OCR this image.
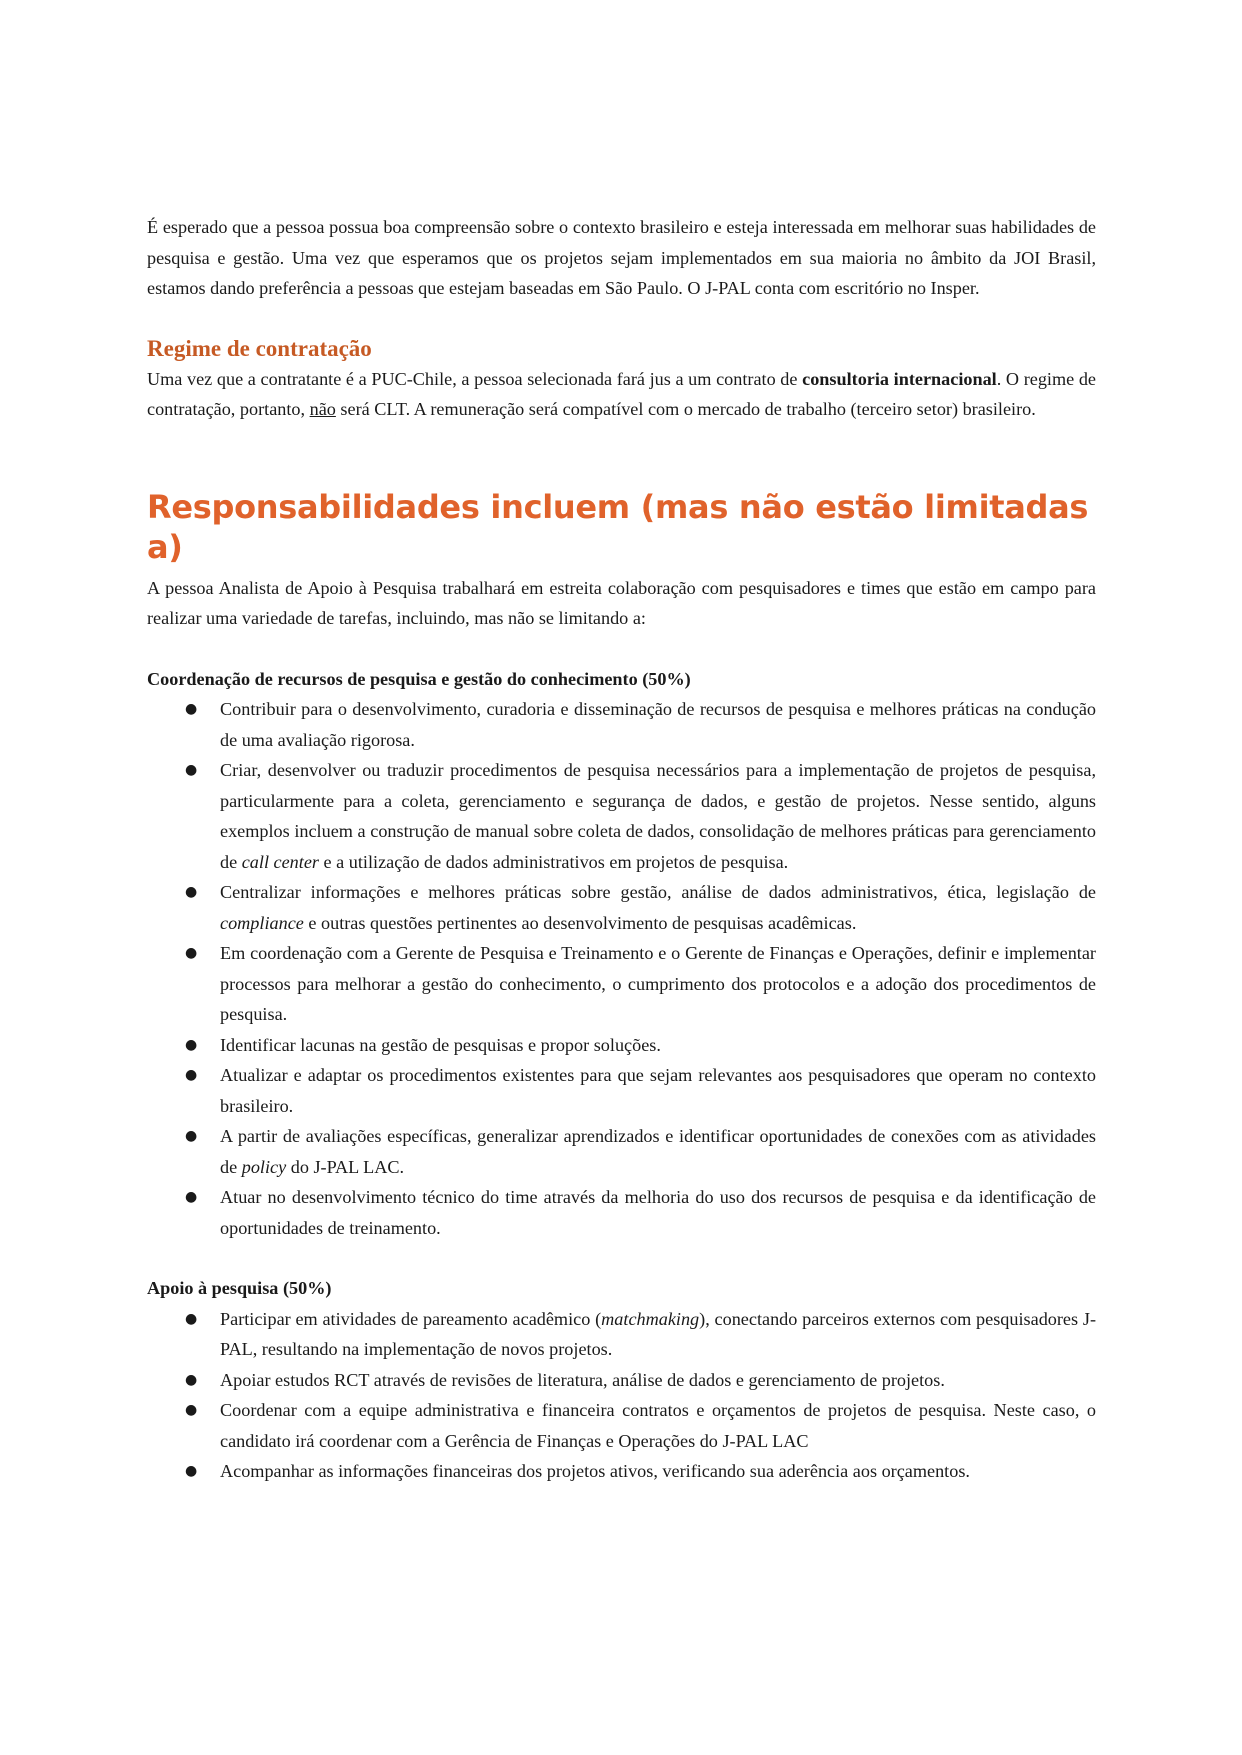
É esperado que a pessoa possua boa compreensão sobre o contexto brasileiro e esteja interessada em melhorar suas habilidades de pesquisa e gestão. Uma vez que esperamos que os projetos sejam implementados em sua maioria no âmbito da JOI Brasil, estamos dando preferência a pessoas que estejam baseadas em São Paulo. O J-PAL conta com escritório no Insper.

Regime de contratação

Uma vez que a contratante é a PUC-Chile, a pessoa selecionada fará jus a um contrato de consultoria internacional. O regime de contratação, portanto, não será CLT. A remuneração será compatível com o mercado de trabalho (terceiro setor) brasileiro.

Responsabilidades incluem (mas não estão limitadas a)

A pessoa Analista de Apoio à Pesquisa trabalhará em estreita colaboração com pesquisadores e times que estão em campo para realizar uma variedade de tarefas, incluindo, mas não se limitando a:

Coordenação de recursos de pesquisa e gestão do conhecimento (50%)
● Contribuir para o desenvolvimento, curadoria e disseminação de recursos de pesquisa e melhores práticas na condução de uma avaliação rigorosa.
● Criar, desenvolver ou traduzir procedimentos de pesquisa necessários para a implementação de projetos de pesquisa, particularmente para a coleta, gerenciamento e segurança de dados, e gestão de projetos. Nesse sentido, alguns exemplos incluem a construção de manual sobre coleta de dados, consolidação de melhores práticas para gerenciamento de call center e a utilização de dados administrativos em projetos de pesquisa.
● Centralizar informações e melhores práticas sobre gestão, análise de dados administrativos, ética, legislação de compliance e outras questões pertinentes ao desenvolvimento de pesquisas acadêmicas.
● Em coordenação com a Gerente de Pesquisa e Treinamento e o Gerente de Finanças e Operações, definir e implementar processos para melhorar a gestão do conhecimento, o cumprimento dos protocolos e a adoção dos procedimentos de pesquisa.
● Identificar lacunas na gestão de pesquisas e propor soluções.
● Atualizar e adaptar os procedimentos existentes para que sejam relevantes aos pesquisadores que operam no contexto brasileiro.
● A partir de avaliações específicas, generalizar aprendizados e identificar oportunidades de conexões com as atividades de policy do J-PAL LAC.
● Atuar no desenvolvimento técnico do time através da melhoria do uso dos recursos de pesquisa e da identificação de oportunidades de treinamento.
Apoio à pesquisa (50%)
● Participar em atividades de pareamento acadêmico (matchmaking), conectando parceiros externos com pesquisadores J-PAL, resultando na implementação de novos projetos.
● Apoiar estudos RCT através de revisões de literatura, análise de dados e gerenciamento de projetos.
● Coordenar com a equipe administrativa e financeira contratos e orçamentos de projetos de pesquisa. Neste caso, o candidato irá coordenar com a Gerência de Finanças e Operações do J-PAL LAC
● Acompanhar as informações financeiras dos projetos ativos, verificando sua aderência aos orçamentos.
